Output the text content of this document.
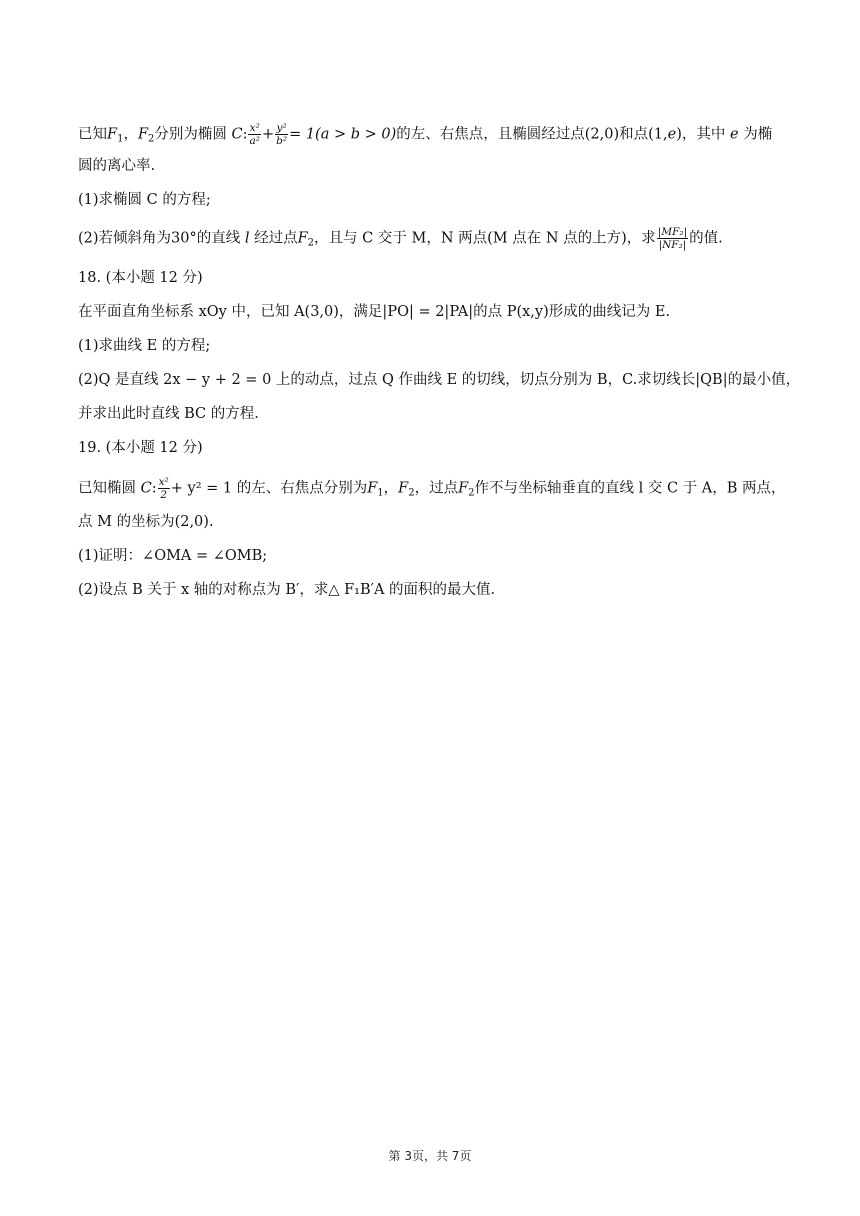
已知$F_1$，$F_2$分别为椭圆 C: $\frac{\text{x²}}{\text{a²}} + \frac{\text{y²}}{\text{b²}} = 1(a > b > 0)$的左、右焦点，且椭圆经过点(2,0)和点(1,e)，其中 e 为椭
圆的离心率.
(1)求椭圆 C 的方程;
(2)若倾斜角为30°的直线 l 经过点$F_2$，且与 C 交于 M，N 两点(M 点在 N 点的上方)，求 $\frac{\text{|MF₂|}}{\text{|NF₂|}}$ 的值.
18. (本小题 12 分)
在平面直角坐标系 xOy 中，已知 A(3,0)，满足|PO| = 2|PA|的点 P(x,y)形成的曲线记为 E.
(1)求曲线 E 的方程;
(2)Q 是直线 2x − y + 2 = 0 上的动点，过点 Q 作曲线 E 的切线，切点分别为 B，C.求切线长|QB|的最小值，
并求出此时直线 BC 的方程.
19. (本小题 12 分)
已知椭圆 C: $\frac{\text{x²}}{2} + y^2 = 1$ 的左、右焦点分别为$F_1$，$F_2$，过点$F_2$作不与坐标轴垂直的直线 l 交 C 于 A，B 两点，
点 M 的坐标为(2,0).
(1)证明：∠OMA = ∠OMB;
(2)设点 B 关于 x 轴的对称点为 B′，求△ F₁B′A 的面积的最大值.
第 3页，共 7页
